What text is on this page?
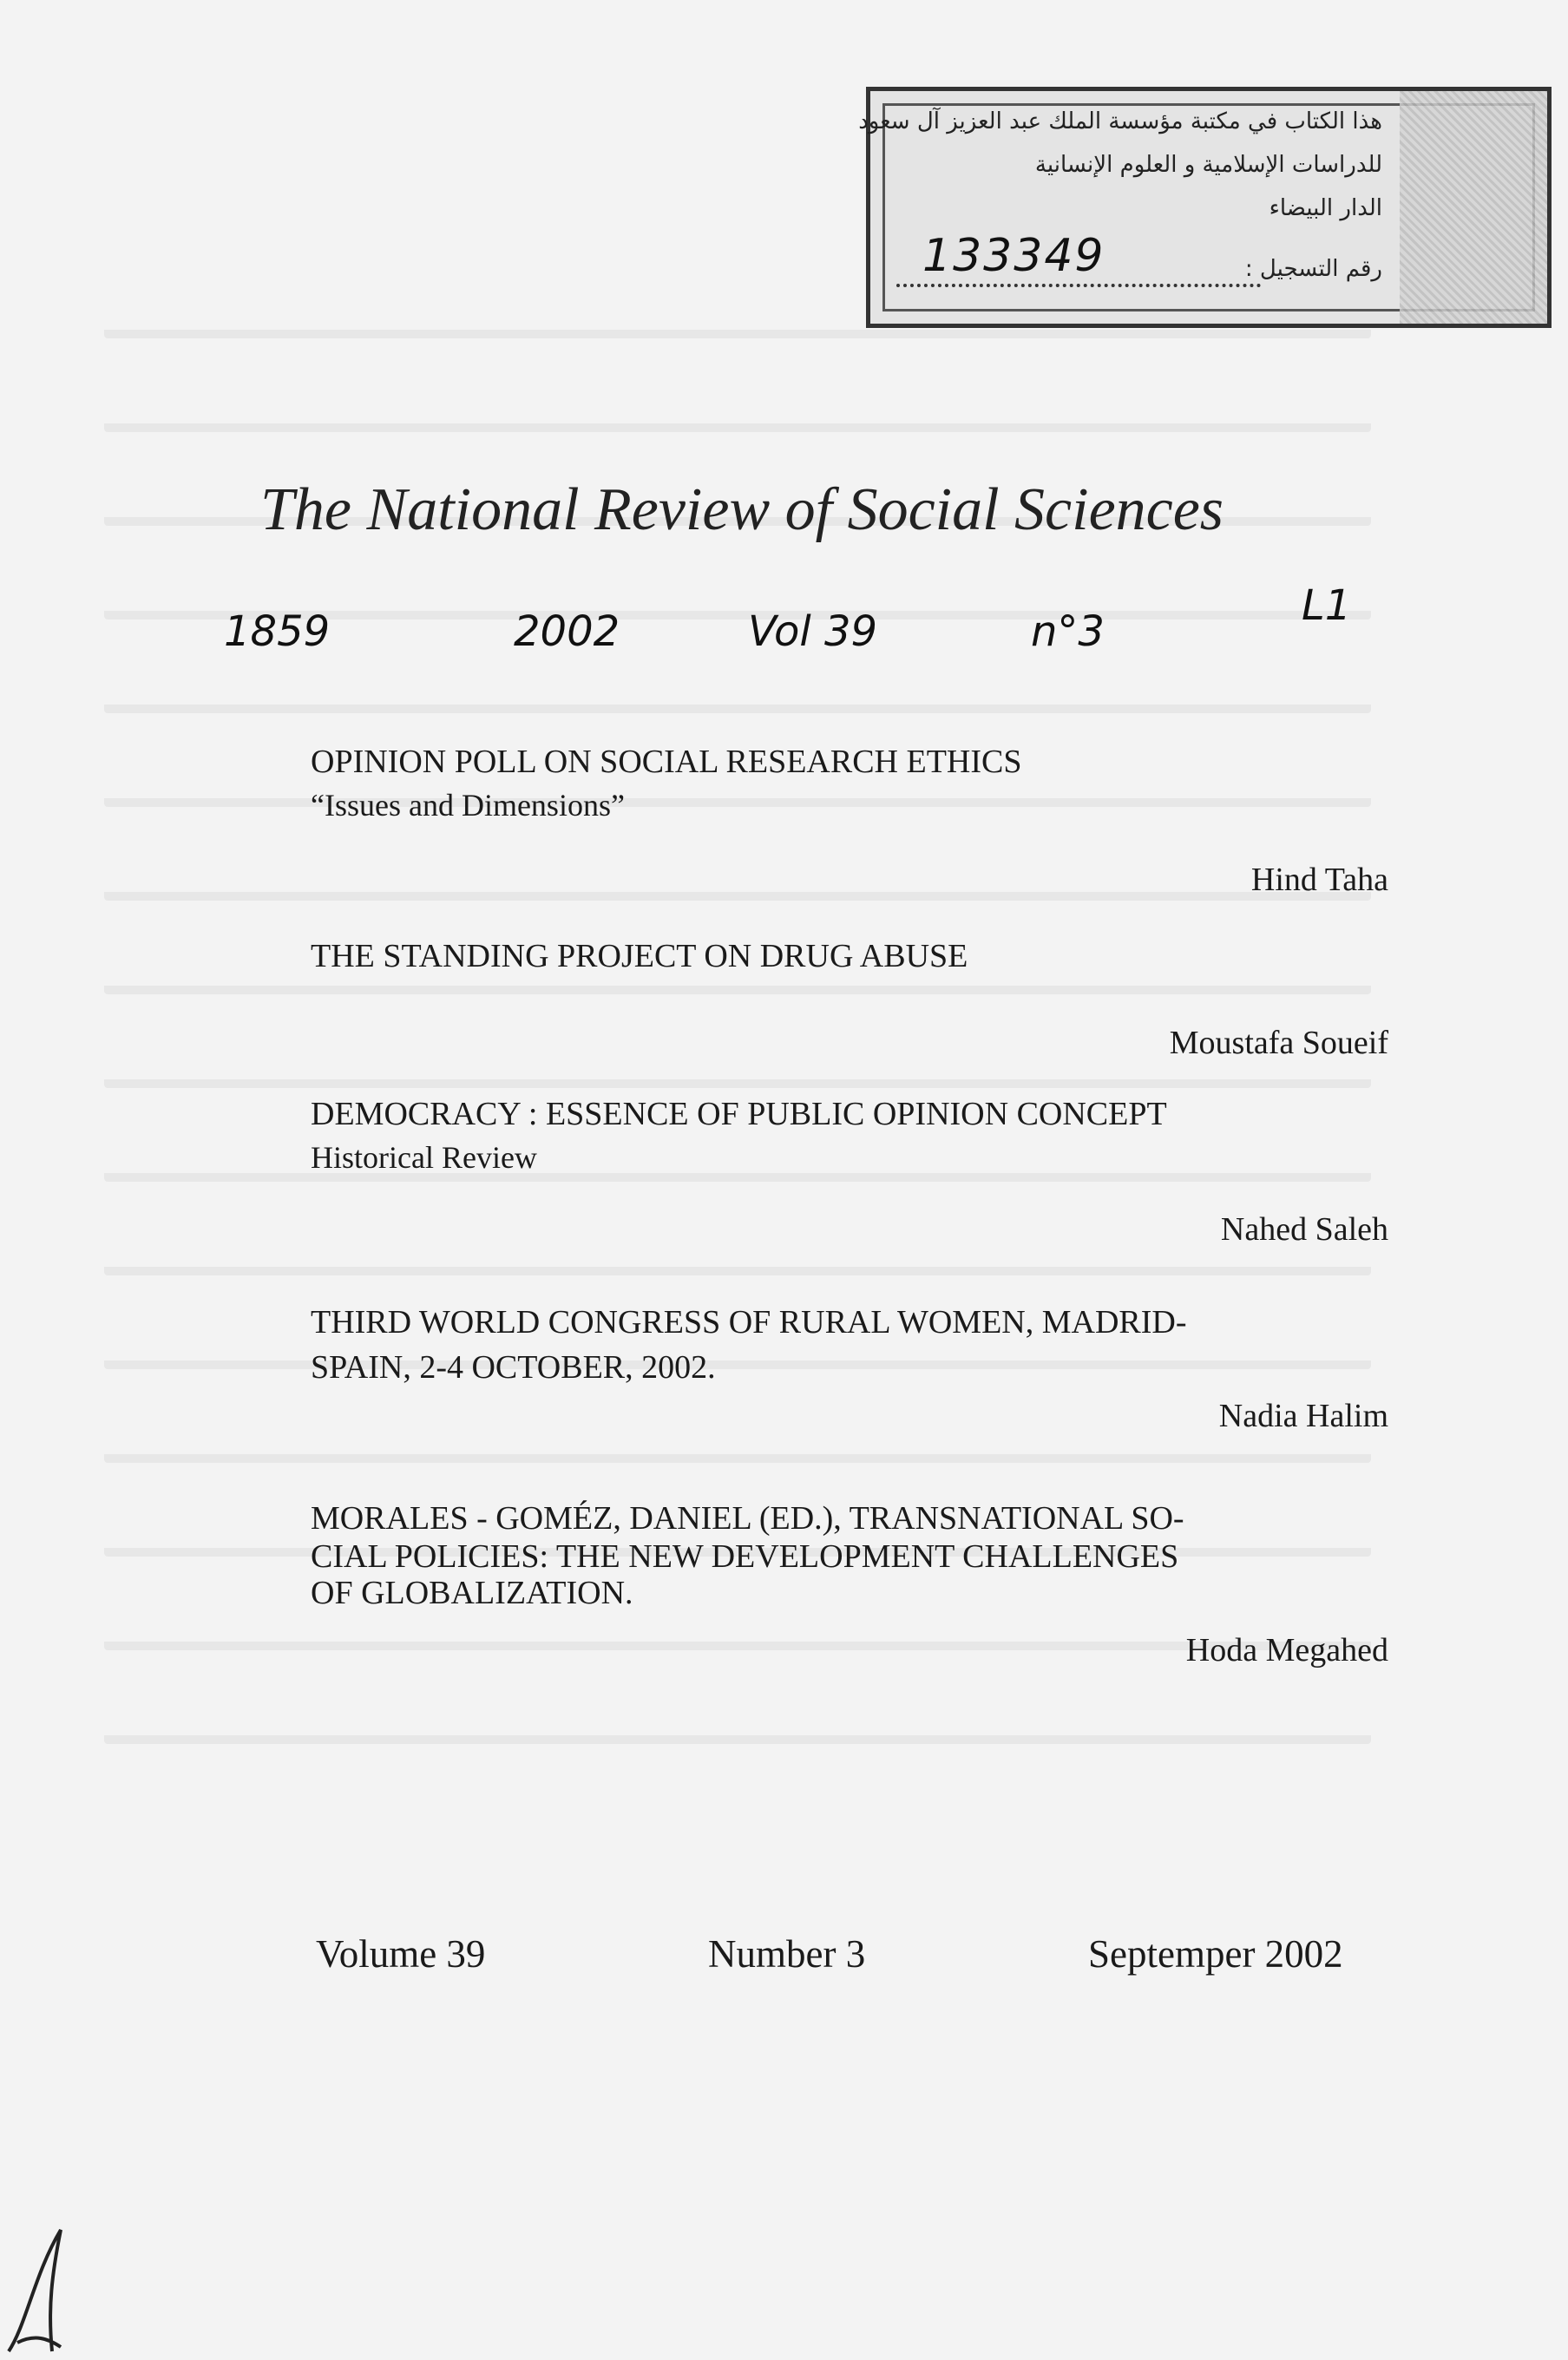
هذا الكتاب في مكتبة مؤسسة الملك عبد العزيز آل سعود
للدراسات الإسلامية و العلوم الإنسانية
الدار البيضاء
رقم التسجيل :
133349
The National Review of Social Sciences
1859	2002	Vol 39	n°3
L1
OPINION POLL ON SOCIAL RESEARCH ETHICS
“Issues and Dimensions”
Hind Taha
THE STANDING PROJECT ON DRUG ABUSE
Moustafa Soueif
DEMOCRACY : ESSENCE OF PUBLIC OPINION CONCEPT
Historical Review
Nahed Saleh
THIRD WORLD CONGRESS OF RURAL WOMEN, MADRID-
SPAIN, 2-4 OCTOBER, 2002.
Nadia Halim
MORALES - GOMÉZ, DANIEL (ED.), TRANSNATIONAL SO-
CIAL POLICIES: THE NEW DEVELOPMENT CHALLENGES
OF GLOBALIZATION.
Hoda Megahed
Volume 39	Number 3	Septemper 2002
